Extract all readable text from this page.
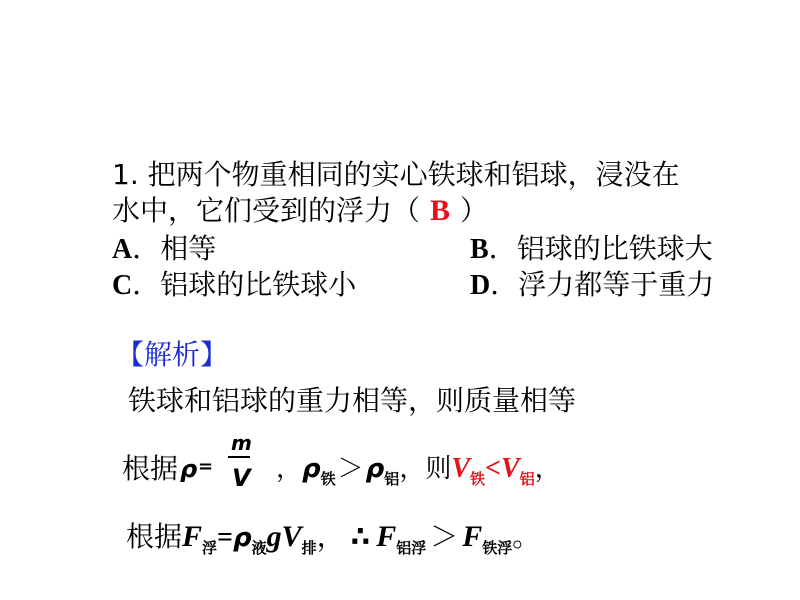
1. 把两个物重相同的实心铁球和铝球，浸没在
水中，它们受到的浮力（ B ）
A．相等	B．铝球的比铁球大
C．铝球的比铁球小	D．浮力都等于重力
【解析】
铁球和铝球的重力相等，则质量相等
根据 ρ =
m
V ，$\rho_铁>\rho_铝$，则$V_铁<V_铝$，
根据$F_浮=\rho_液gV_排$， ∴ $F_{铝浮} > F_{铁浮}$。
